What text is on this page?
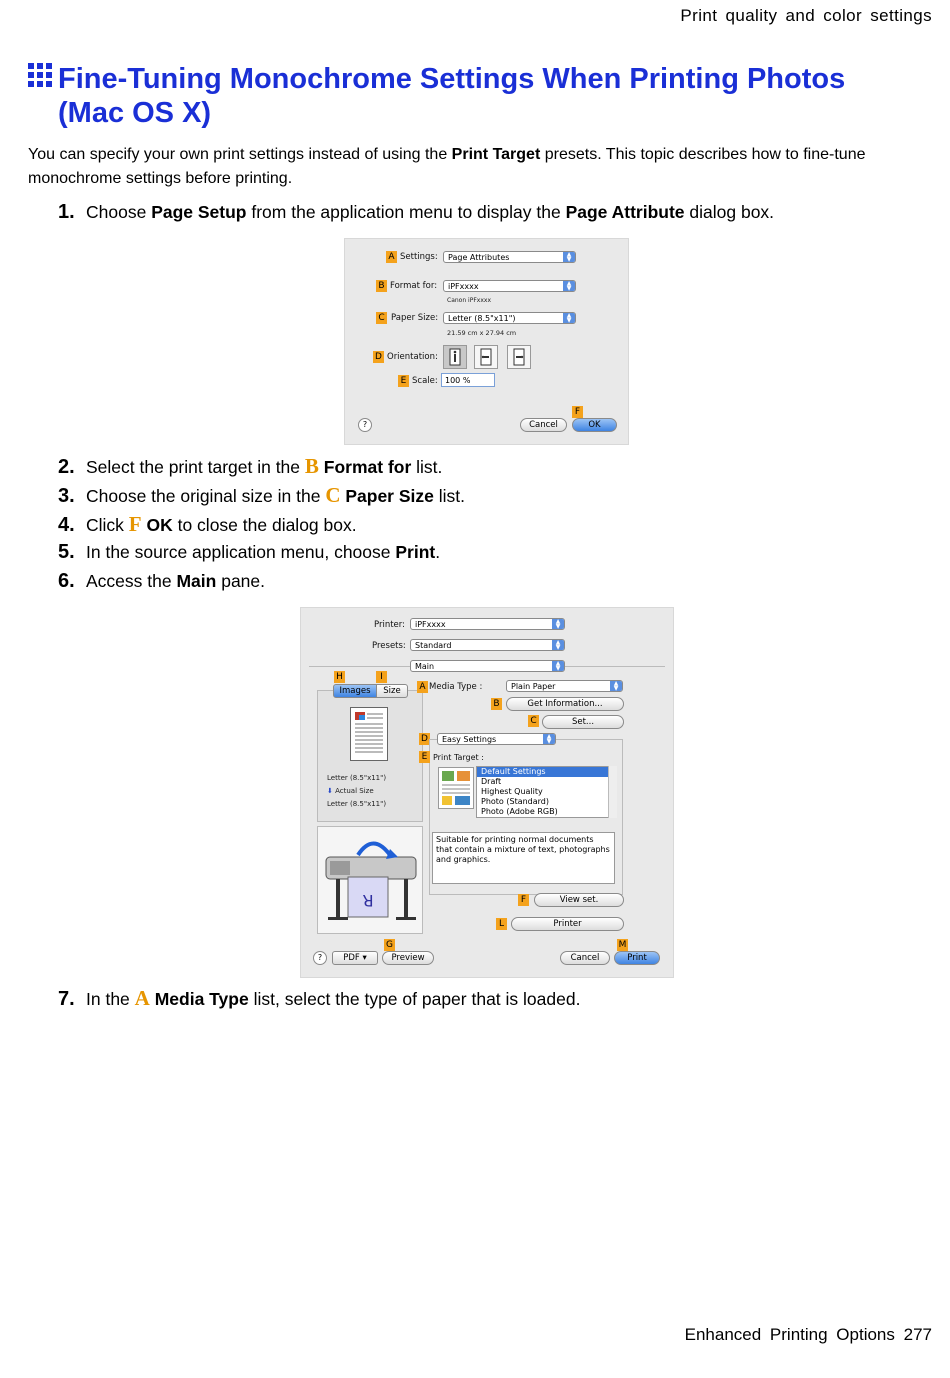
Print quality and color settings
Fine-Tuning Monochrome Settings When Printing Photos
(Mac OS X)
You can specify your own print settings instead of using the Print Target presets. This topic describes how to fine-tune monochrome settings before printing.
1. Choose Page Setup from the application menu to display the Page Attribute dialog box.
A Settings:	Page Attributes	▲
▼
B Format for:	iPFxxxx	▲
▼
Canon iPFxxxx
C Paper Size:	Letter (8.5"x11")	▲
▼
21.59 cm x 27.94 cm
D Orientation:
E Scale: 100 %
?
F
Cancel	OK
2. Select the print target in the B Format for list.
3. Choose the original size in the C Paper Size list.
4. Click F OK to close the dialog box.
5. In the source application menu, choose Print.
6. Access the Main pane.
Printer:	iPFxxxx	▲
▼
Presets:	Standard	▲
▼
Main	▲
▼
H	I
Images	Size
Letter (8.5"x11")
⬇ Actual Size
Letter (8.5"x11")
R
A Media Type :	Plain Paper	▲
▼
B	Get Information...
C	Set...
D	Easy Settings	▲
▼
E Print Target :
Default Settings
Draft
Highest Quality
Photo (Standard)
Photo (Adobe RGB)
Suitable for printing normal documents that contain a mixture of text, photographs and graphics.
F	View set.
L	Printer
?
G
PDF ▾	Preview
M
Cancel	Print
7. In the A Media Type list, select the type of paper that is loaded.
Enhanced Printing Options 277
